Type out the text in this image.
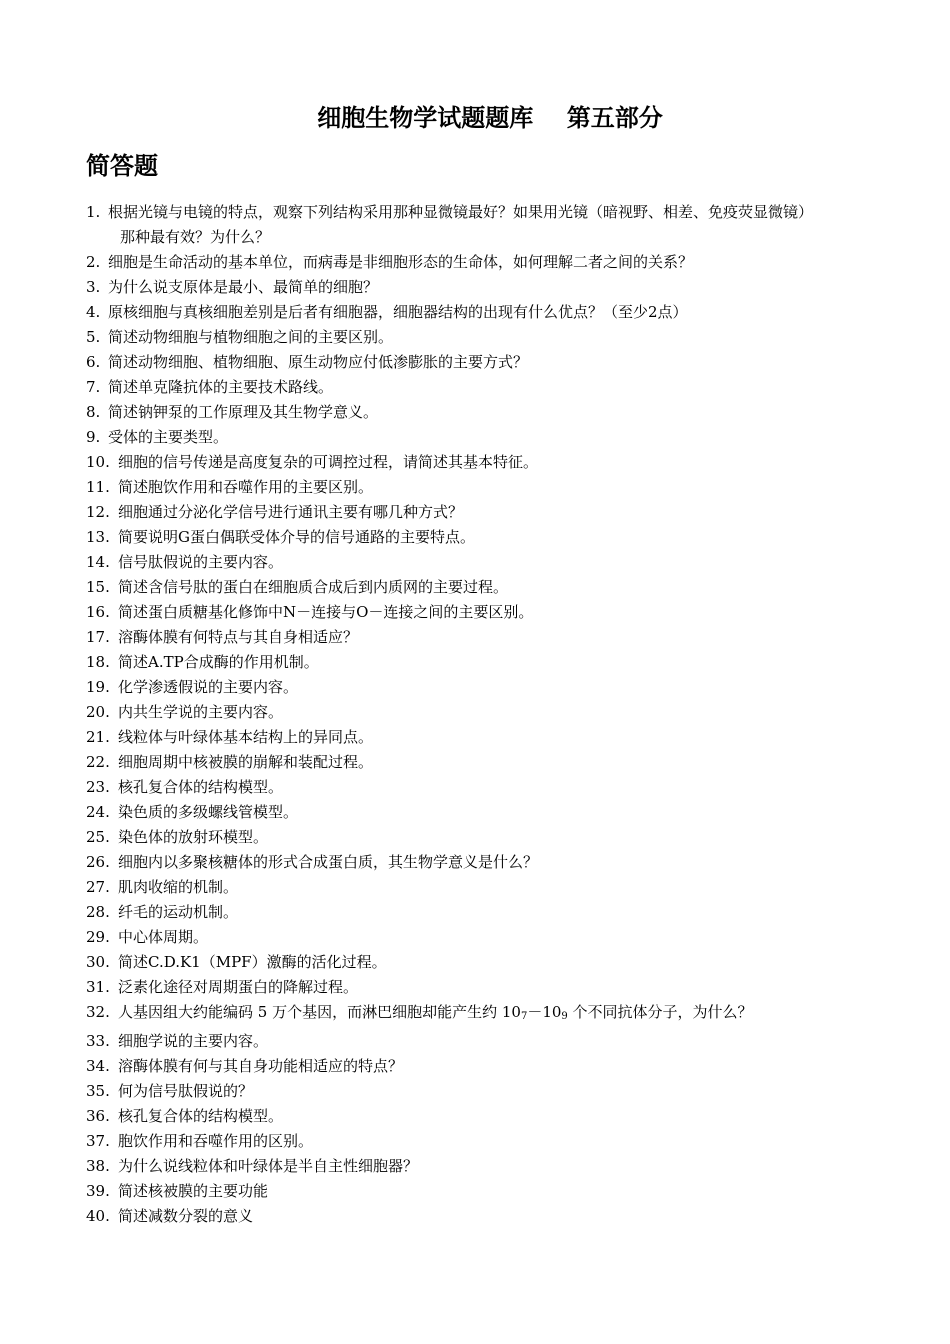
细胞生物学试题题库    第五部分
简答题
1. 根据光镜与电镜的特点，观察下列结构采用那种显微镜最好？如果用光镜（暗视野、相差、免疫荧显微镜）
那种最有效？为什么？
2. 细胞是生命活动的基本单位，而病毒是非细胞形态的生命体，如何理解二者之间的关系？
3. 为什么说支原体是最小、最简单的细胞？
4. 原核细胞与真核细胞差别是后者有细胞器，细胞器结构的出现有什么优点？（至少2点）
5. 简述动物细胞与植物细胞之间的主要区别。
6. 简述动物细胞、植物细胞、原生动物应付低渗膨胀的主要方式？
7. 简述单克隆抗体的主要技术路线。
8. 简述钠钾泵的工作原理及其生物学意义。
9. 受体的主要类型。
10. 细胞的信号传递是高度复杂的可调控过程，请简述其基本特征。
11. 简述胞饮作用和吞噬作用的主要区别。
12. 细胞通过分泌化学信号进行通讯主要有哪几种方式？
13. 简要说明G蛋白偶联受体介导的信号通路的主要特点。
14. 信号肽假说的主要内容。
15. 简述含信号肽的蛋白在细胞质合成后到内质网的主要过程。
16. 简述蛋白质糖基化修饰中N－连接与O－连接之间的主要区别。
17. 溶酶体膜有何特点与其自身相适应？
18. 简述A.TP合成酶的作用机制。
19. 化学渗透假说的主要内容。
20. 内共生学说的主要内容。
21. 线粒体与叶绿体基本结构上的异同点。
22. 细胞周期中核被膜的崩解和装配过程。
23. 核孔复合体的结构模型。
24. 染色质的多级螺线管模型。
25. 染色体的放射环模型。
26. 细胞内以多聚核糖体的形式合成蛋白质，其生物学意义是什么？
27. 肌肉收缩的机制。
28. 纤毛的运动机制。
29. 中心体周期。
30. 简述C.D.K1（MPF）激酶的活化过程。
31. 泛素化途径对周期蛋白的降解过程。
32. 人基因组大约能编码 5 万个基因，而淋巴细胞却能产生约 $10_7-10_9$ 个不同抗体分子，为什么？
33. 细胞学说的主要内容。
34. 溶酶体膜有何与其自身功能相适应的特点？
35. 何为信号肽假说的？
36. 核孔复合体的结构模型。
37. 胞饮作用和吞噬作用的区别。
38. 为什么说线粒体和叶绿体是半自主性细胞器？
39. 简述核被膜的主要功能
40. 简述减数分裂的意义
